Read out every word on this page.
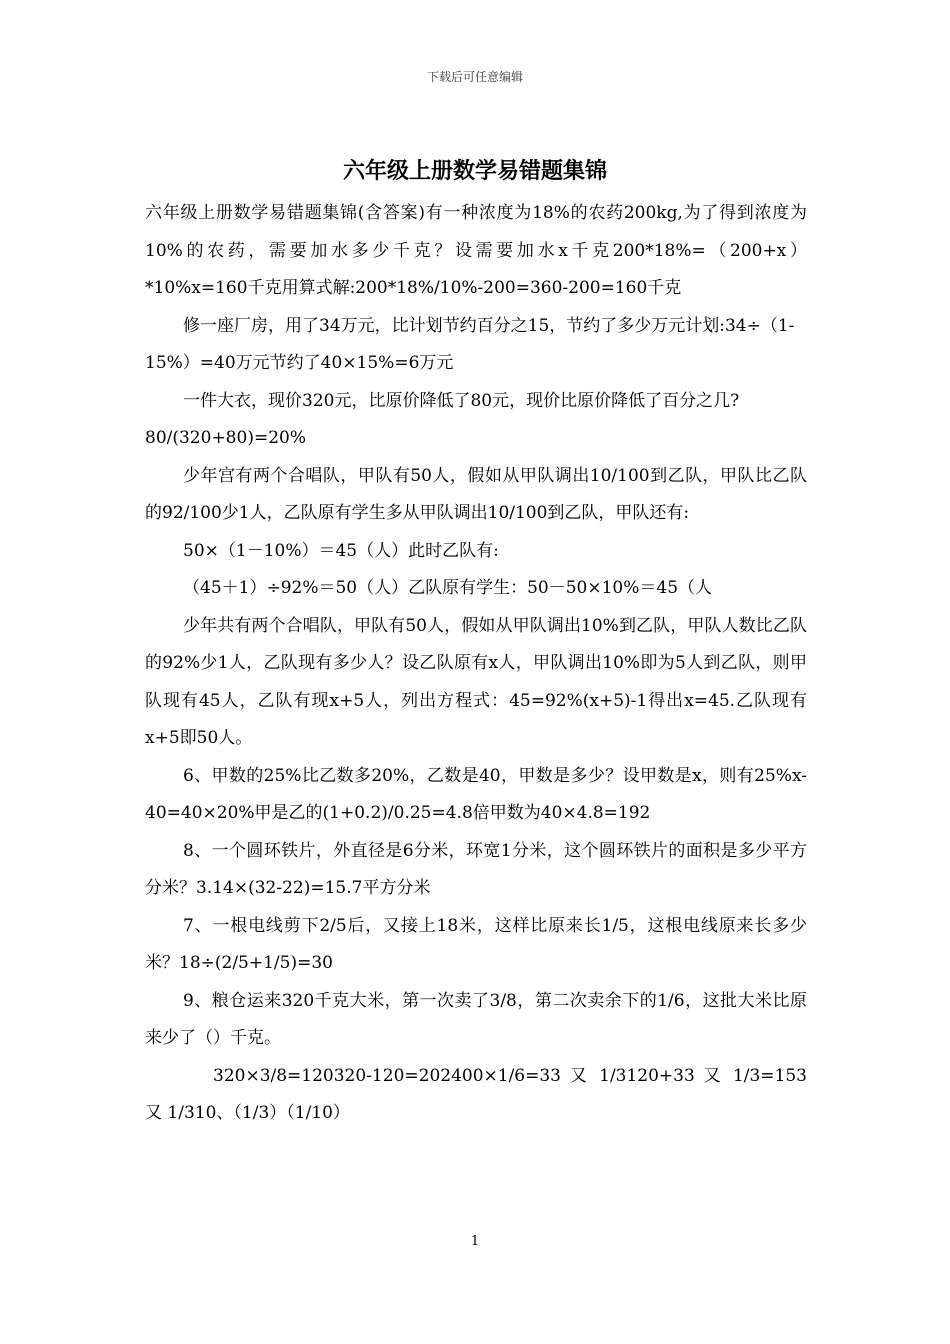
下载后可任意编辑
六年级上册数学易错题集锦

六年级上册数学易错题集锦(含答案)有一种浓度为18%的农药200kg,为了得到浓度为10%的农药，需要加水多少千克？设需要加水x千克200*18%=（200+x）*10%x=160千克用算式解:200*18%/10%-200=360-200=160千克

修一座厂房，用了34万元，比计划节约百分之15，节约了多少万元计划:34÷（1-15%）=40万元节约了40×15%=6万元

一件大衣，现价320元，比原价降低了80元，现价比原价降低了百分之几?80/(320+80)=20%

少年宫有两个合唱队，甲队有50人，假如从甲队调出10/100到乙队，甲队比乙队的92/100少1人，乙队原有学生多从甲队调出10/100到乙队，甲队还有:

50×（1－10%）＝45（人）此时乙队有:

（45＋1）÷92%＝50（人）乙队原有学生：50－50×10%＝45（人

少年共有两个合唱队，甲队有50人，假如从甲队调出10%到乙队，甲队人数比乙队的92%少1人，乙队现有多少人？设乙队原有x人，甲队调出10%即为5人到乙队，则甲队现有45人，乙队有现x+5人，列出方程式：45=92%(x+5)-1得出x=45.乙队现有x+5即50人。

6、甲数的25%比乙数多20%，乙数是40，甲数是多少？设甲数是x，则有25%x-40=40×20%甲是乙的(1+0.2)/0.25=4.8倍甲数为40×4.8=192

8、一个圆环铁片，外直径是6分米，环宽1分米，这个圆环铁片的面积是多少平方分米？3.14×(32-22)=15.7平方分米

7、一根电线剪下2/5后，又接上18米，这样比原来长1/5，这根电线原来长多少米？18÷(2/5+1/5)=30

9、粮仓运来320千克大米，第一次卖了3/8，第二次卖余下的1/6，这批大米比原来少了（）千克。

320×3/8=120320-120=202400×1/6=33 又 1/3120+33 又 1/3=153 又 1/310、（1/3）（1/10）

1
